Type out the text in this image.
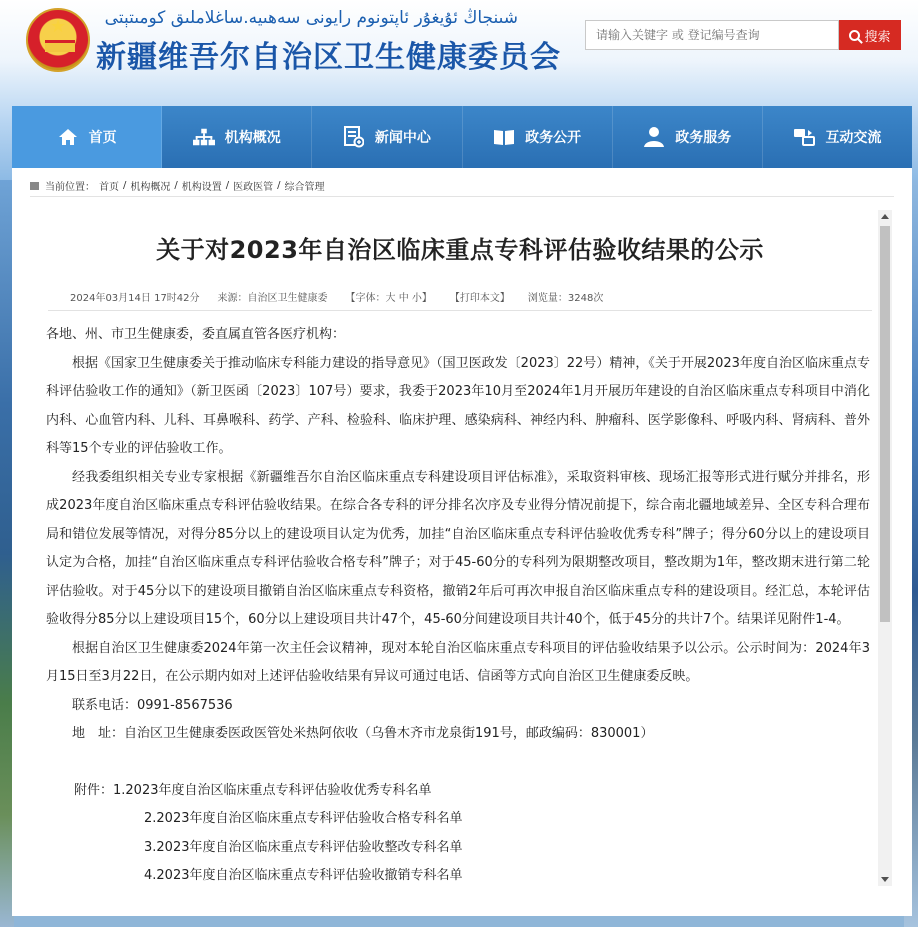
★	شىنجاڭ ئۇيغۇر ئاپتونوم رايونى سەھىيە.ساغلاملىق كومىتېتى
新疆维吾尔自治区卫生健康委员会
请输入关键字 或 登记编号查询
搜索
首页	机构概况	新闻中心	政务公开	政务服务	互动交流
当前位置： 首页 / 机构概况 / 机构设置 / 医政医管 / 综合管理
关于对2023年自治区临床重点专科评估验收结果的公示
2024年03月14日 17时42分 来源：自治区卫生健康委 【字体：大 中 小】 【打印本文】 浏览量：3248次

各地、州、市卫生健康委，委直属直管各医疗机构：

根据《国家卫生健康委关于推动临床专科能力建设的指导意见》（国卫医政发〔2023〕22号）精神，《关于开展2023年度自治区临床重点专科评估验收工作的通知》（新卫医函〔2023〕107号）要求，我委于2023年10月至2024年1月开展历年建设的自治区临床重点专科项目中消化内科、心血管内科、儿科、耳鼻喉科、药学、产科、检验科、临床护理、感染病科、神经内科、肿瘤科、医学影像科、呼吸内科、肾病科、普外科等15个专业的评估验收工作。

经我委组织相关专业专家根据《新疆维吾尔自治区临床重点专科建设项目评估标准》，采取资料审核、现场汇报等形式进行赋分并排名，形成2023年度自治区临床重点专科评估验收结果。在综合各专科的评分排名次序及专业得分情况前提下，综合南北疆地域差异、全区专科合理布局和错位发展等情况，对得分85分以上的建设项目认定为优秀，加挂“自治区临床重点专科评估验收优秀专科”牌子；得分60分以上的建设项目认定为合格，加挂“自治区临床重点专科评估验收合格专科”牌子；对于45-60分的专科列为限期整改项目，整改期为1年，整改期末进行第二轮评估验收。对于45分以下的建设项目撤销自治区临床重点专科资格，撤销2年后可再次申报自治区临床重点专科的建设项目。经汇总，本轮评估验收得分85分以上建设项目15个，60分以上建设项目共计47个，45-60分间建设项目共计40个，低于45分的共计7个。结果详见附件1-4。

根据自治区卫生健康委2024年第一次主任会议精神，现对本轮自治区临床重点专科项目的评估验收结果予以公示。公示时间为：2024年3月15日至3月22日，在公示期内如对上述评估验收结果有异议可通过电话、信函等方式向自治区卫生健康委反映。

联系电话：0991-8567536

地　址：自治区卫生健康委医政医管处米热阿依收（乌鲁木齐市龙泉街191号，邮政编码：830001）

附件：1.2023年度自治区临床重点专科评估验收优秀专科名单

2.2023年度自治区临床重点专科评估验收合格专科名单

3.2023年度自治区临床重点专科评估验收整改专科名单

4.2023年度自治区临床重点专科评估验收撤销专科名单
